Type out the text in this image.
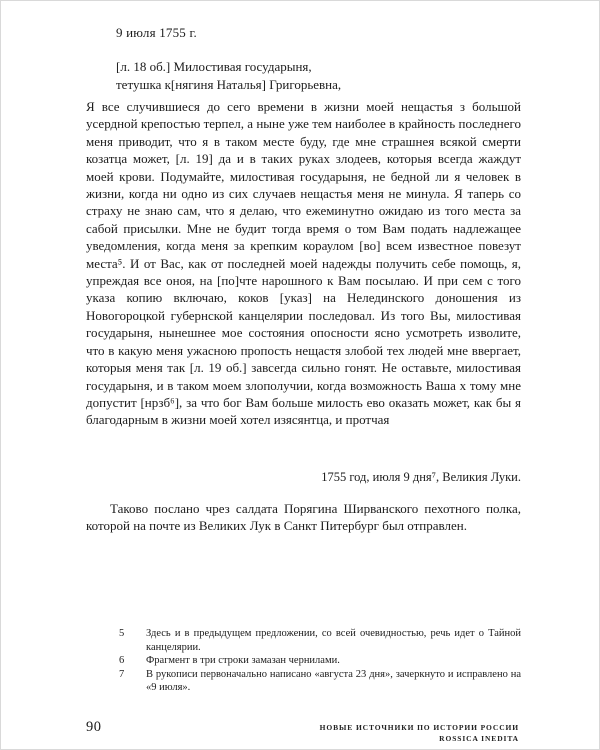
9 июля 1755 г.
[л. 18 об.] Милостивая государыня,
тетушка к[нягиня Наталья] Григорьевна,

Я все случившиеся до сего времени в жизни моей нещастья з большой усердной крепостью терпел, а ныне уже тем наиболее в крайность последнего меня приводит, что я в таком месте буду, где мне страшнея всякой смерти козатца может, [л. 19] да и в таких руках злодеев, которыя всегда жаждут моей крови. Подумайте, милостивая государыня, не бедной ли я человек в жизни, когда ни одно из сих случаев нещастья меня не минула. Я таперь со страху не знаю сам, что я делаю, что ежеминутно ожидаю из того места за сабой присылки. Мне не будит тогда время о том Вам подать надлежащее уведомления, когда меня за крепким кораулом [во] всем известное повезут места⁵. И от Вас, как от последней моей надежды получить себе помощь, я, упреждая все оноя, на [по]чте нарошного к Вам посылаю. И при сем с того указа копию включаю, коков [указ] на Нелединского доношения из Новогороцкой губернской канцелярии последовал. Из того Вы, милостивая государыня, нынешнее мое состояния опосности ясно усмотреть изволите, что в какую меня ужасною пропость нещастя злобой тех людей мне ввергает, которыя меня так [л. 19 об.] завсегда сильно гонят. Не оставьте, милостивая государыня, и в таком моем злополучии, когда возможность Ваша х тому мне допустит [нрзб⁶], за что бог Вам больше милость ево оказать может, как бы я благодарным в жизни моей хотел изясянтца, и протчая

1755 год, июля 9 дня⁷, Великия Луки.

Таково послано чрез салдата Порягина Ширванского пехотного полка, которой на почте из Великих Лук в Санкт Питербург был отправлен.

5 Здесь и в предыдущем предложении, со всей очевидностью, речь идет о Тайной канцелярии.
6 Фрагмент в три строки замазан чернилами.
7 В рукописи первоначально написано «августа 23 дня», зачеркнуто и исправлено на «9 июля».
90	НОВЫЕ ИСТОЧНИКИ ПО ИСТОРИИ РОССИИ
ROSSICA INEDITA
